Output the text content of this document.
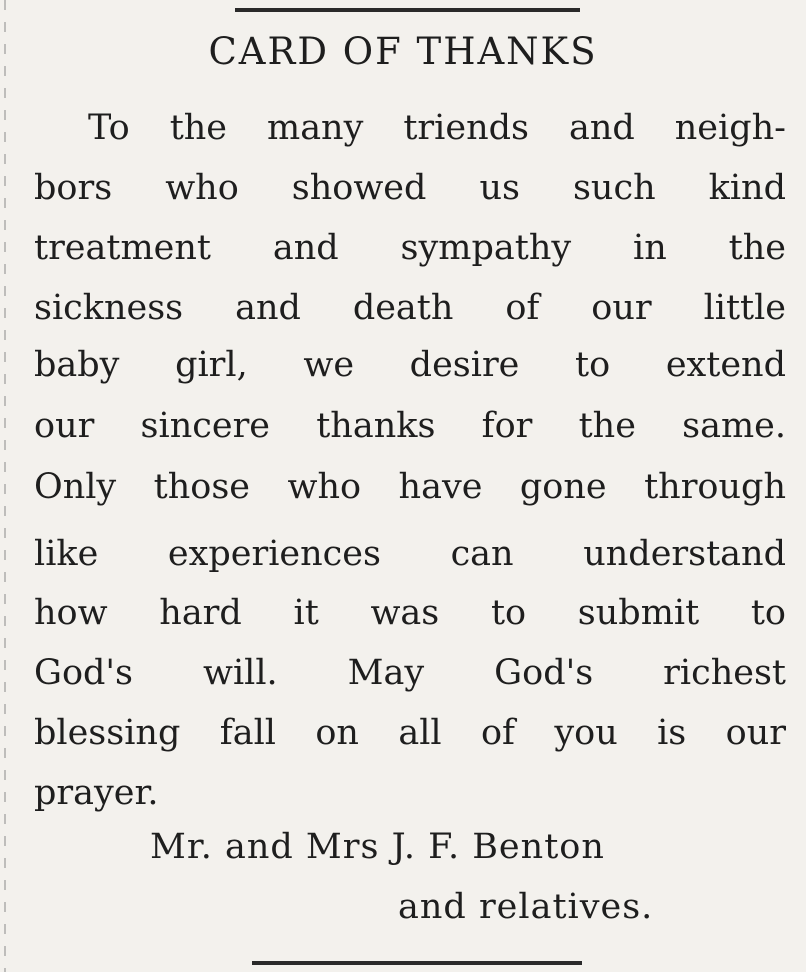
CARD OF THANKS
To the many triends and neigh-
bors who showed us such kind
treatment and sympathy in the
sickness and death of our little
baby girl, we desire to extend
our sincere thanks for the same.
Only those who have gone through
like experiences can understand
how hard it was to submit to
God's will. May God's richest
blessing fall on all of you is our
prayer.
Mr. and Mrs J. F. Benton
and relatives.
